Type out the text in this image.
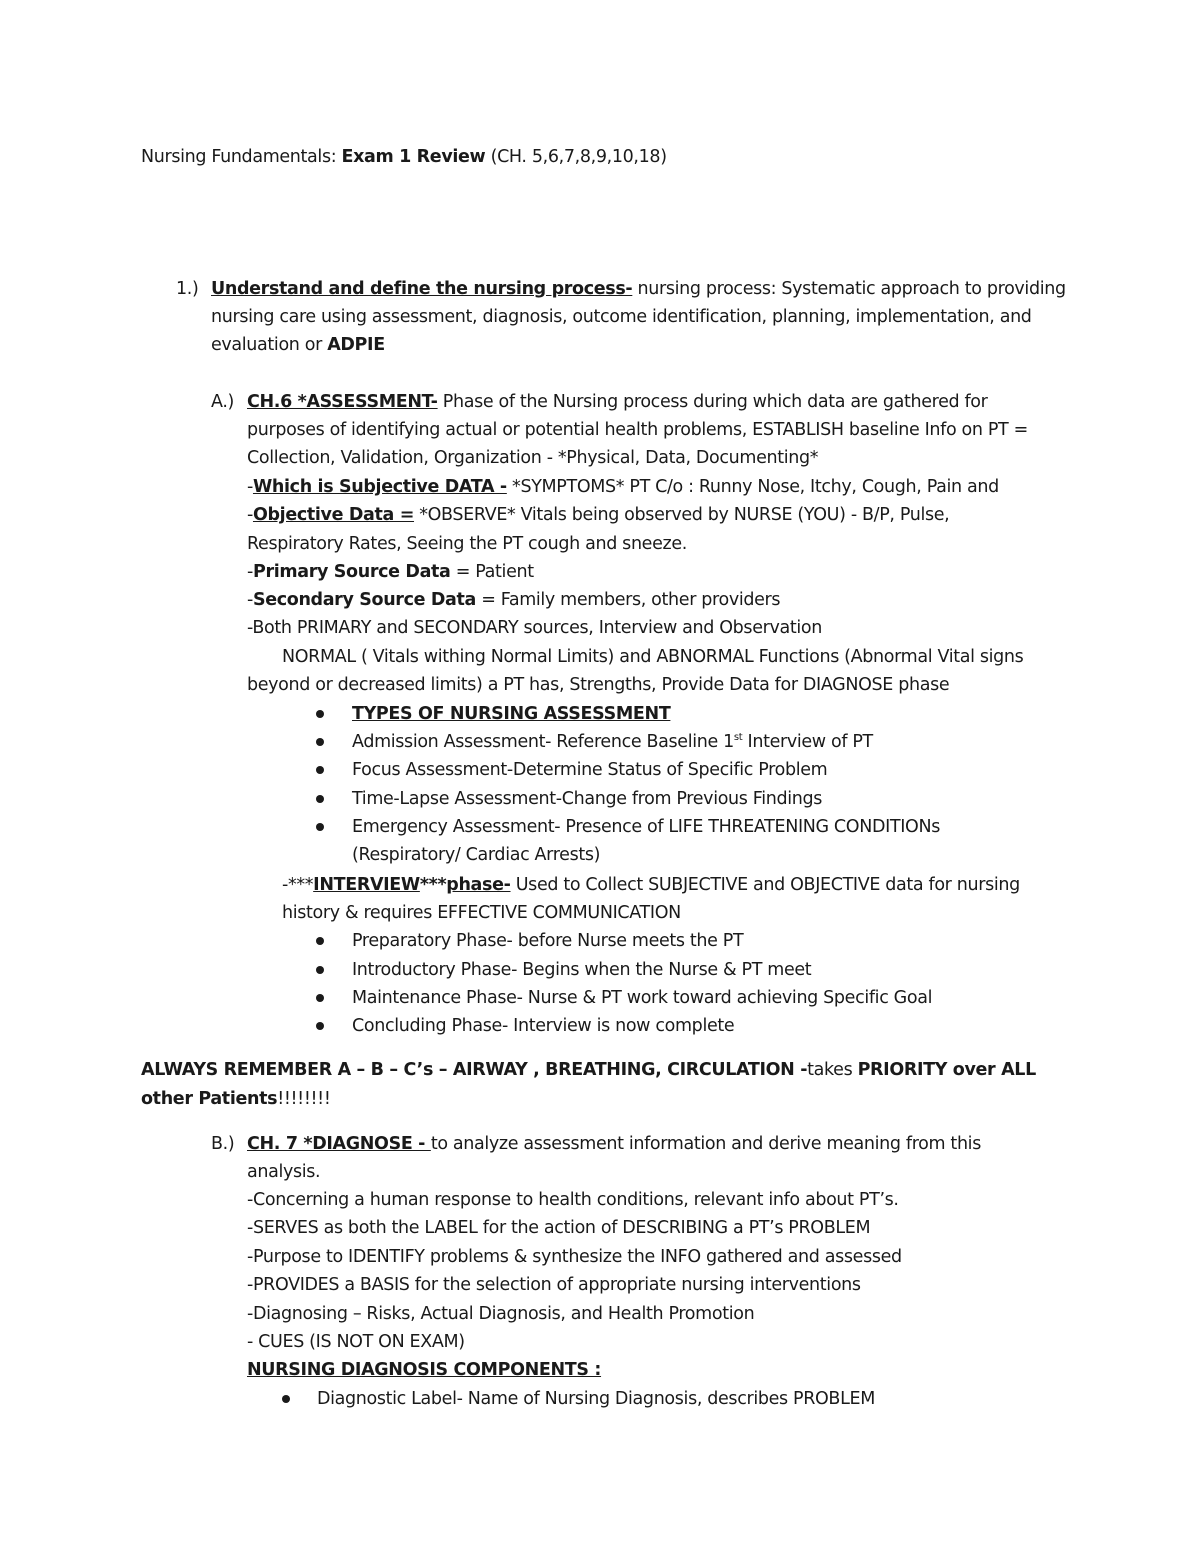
Nursing Fundamentals: Exam 1 Review (CH. 5,6,7,8,9,10,18)
1.) Understand and define the nursing process- nursing process: Systematic approach to providing
nursing care using assessment, diagnosis, outcome identification, planning, implementation, and
evaluation or ADPIE
A.) CH.6 *ASSESSMENT- Phase of the Nursing process during which data are gathered for
purposes of identifying actual or potential health problems, ESTABLISH baseline Info on PT =
Collection, Validation, Organization - *Physical, Data, Documenting*
-Which is Subjective DATA - *SYMPTOMS* PT C/o : Runny Nose, Itchy, Cough, Pain and
-Objective Data = *OBSERVE* Vitals being observed by NURSE (YOU) - B/P, Pulse,
Respiratory Rates, Seeing the PT cough and sneeze.
-Primary Source Data = Patient
-Secondary Source Data = Family members, other providers
-Both PRIMARY and SECONDARY sources, Interview and Observation
NORMAL ( Vitals withing Normal Limits) and ABNORMAL Functions (Abnormal Vital signs
beyond or decreased limits) a PT has, Strengths, Provide Data for DIAGNOSE phase
TYPES OF NURSING ASSESSMENT
Admission Assessment- Reference Baseline 1st Interview of PT
Focus Assessment-Determine Status of Specific Problem
Time-Lapse Assessment-Change from Previous Findings
Emergency Assessment- Presence of LIFE THREATENING CONDITIONs
(Respiratory/ Cardiac Arrests)
-***INTERVIEW***phase- Used to Collect SUBJECTIVE and OBJECTIVE data for nursing
history & requires EFFECTIVE COMMUNICATION
Preparatory Phase- before Nurse meets the PT
Introductory Phase- Begins when the Nurse & PT meet
Maintenance Phase- Nurse & PT work toward achieving Specific Goal
Concluding Phase- Interview is now complete
ALWAYS REMEMBER A – B – C’s – AIRWAY , BREATHING, CIRCULATION -takes PRIORITY over ALL
other Patients!!!!!!!!
B.) CH. 7 *DIAGNOSE - to analyze assessment information and derive meaning from this
analysis.
-Concerning a human response to health conditions, relevant info about PT’s.
-SERVES as both the LABEL for the action of DESCRIBING a PT’s PROBLEM
-Purpose to IDENTIFY problems & synthesize the INFO gathered and assessed
-PROVIDES a BASIS for the selection of appropriate nursing interventions
-Diagnosing – Risks, Actual Diagnosis, and Health Promotion
- CUES (IS NOT ON EXAM)
NURSING DIAGNOSIS COMPONENTS :
Diagnostic Label- Name of Nursing Diagnosis, describes PROBLEM
